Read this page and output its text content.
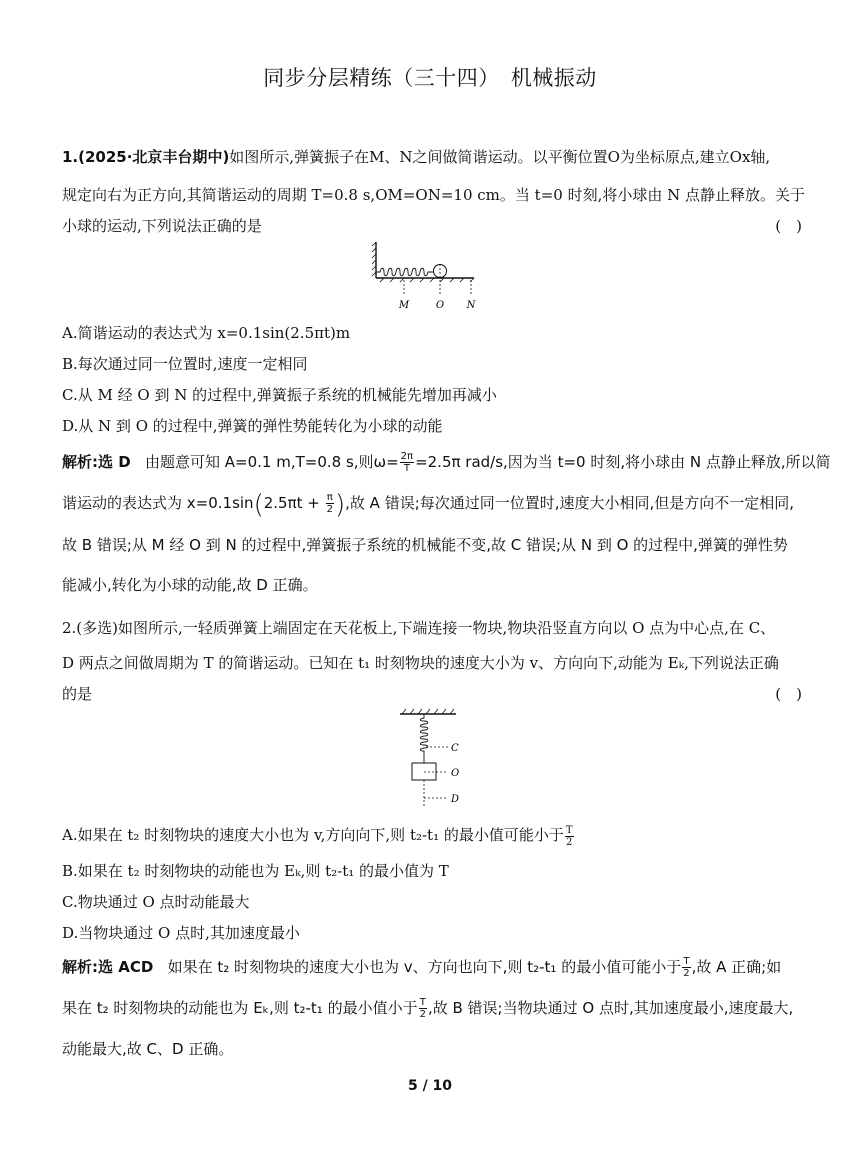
同步分层精练（三十四）　机械振动
1.(2025·北京丰台期中)如图所示,弹簧振子在M、N之间做简谐运动。以平衡位置O为坐标原点,建立Ox轴,
规定向右为正方向,其简谐运动的周期 T=0.8 s,OM=ON=10 cm。当 t=0 时刻,将小球由 N 点静止释放。关于
小球的运动,下列说法正确的是	(　)
M	O N
A.简谐运动的表达式为 x=0.1sin(2.5πt)m
B.每次通过同一位置时,速度一定相同
C.从 M 经 O 到 N 的过程中,弹簧振子系统的机械能先增加再减小
D.从 N 到 O 的过程中,弹簧的弹性势能转化为小球的动能
解析:选 D 由题意可知 A=0.1 m,T=0.8 s,则$\omega= \frac{2\pi}{T} =2.5\pi$ rad/s,因为当 t=0 时刻,将小球由 N 点静止释放,所以简
谐运动的表达式为 $x=0.1\sin(2.5\pi t + \frac{\pi}{2}$ ),故 A 错误;每次通过同一位置时,速度大小相同,但是方向不一定相同,
故 B 错误;从 M 经 O 到 N 的过程中,弹簧振子系统的机械能不变,故 C 错误;从 N 到 O 的过程中,弹簧的弹性势
能减小,转化为小球的动能,故 D 正确。
2.(多选)如图所示,一轻质弹簧上端固定在天花板上,下端连接一物块,物块沿竖直方向以 O 点为中心点,在 C、
D 两点之间做周期为 T 的简谐运动。已知在 t₁ 时刻物块的速度大小为 v、方向向下,动能为 Eₖ,下列说法正确
的是	(　)
C
O
D
A.如果在 t₂ 时刻物块的速度大小也为 v,方向向下,则 t₂-t₁ 的最小值可能小于 $\frac{T}{2}$
B.如果在 t₂ 时刻物块的动能也为 Eₖ,则 t₂-t₁ 的最小值为 T
C.物块通过 O 点时动能最大
D.当物块通过 O 点时,其加速度最小
解析:选 ACD 如果在 t₂ 时刻物块的速度大小也为 v、方向也向下,则 t₂-t₁ 的最小值可能小于 $\frac{T}{2}$ ,故 A 正确;如
果在 t₂ 时刻物块的动能也为 Eₖ,则 t₂-t₁ 的最小值小于 $\frac{T}{2}$ ,故 B 错误;当物块通过 O 点时,其加速度最小,速度最大,
动能最大,故 C、D 正确。
5 / 10
